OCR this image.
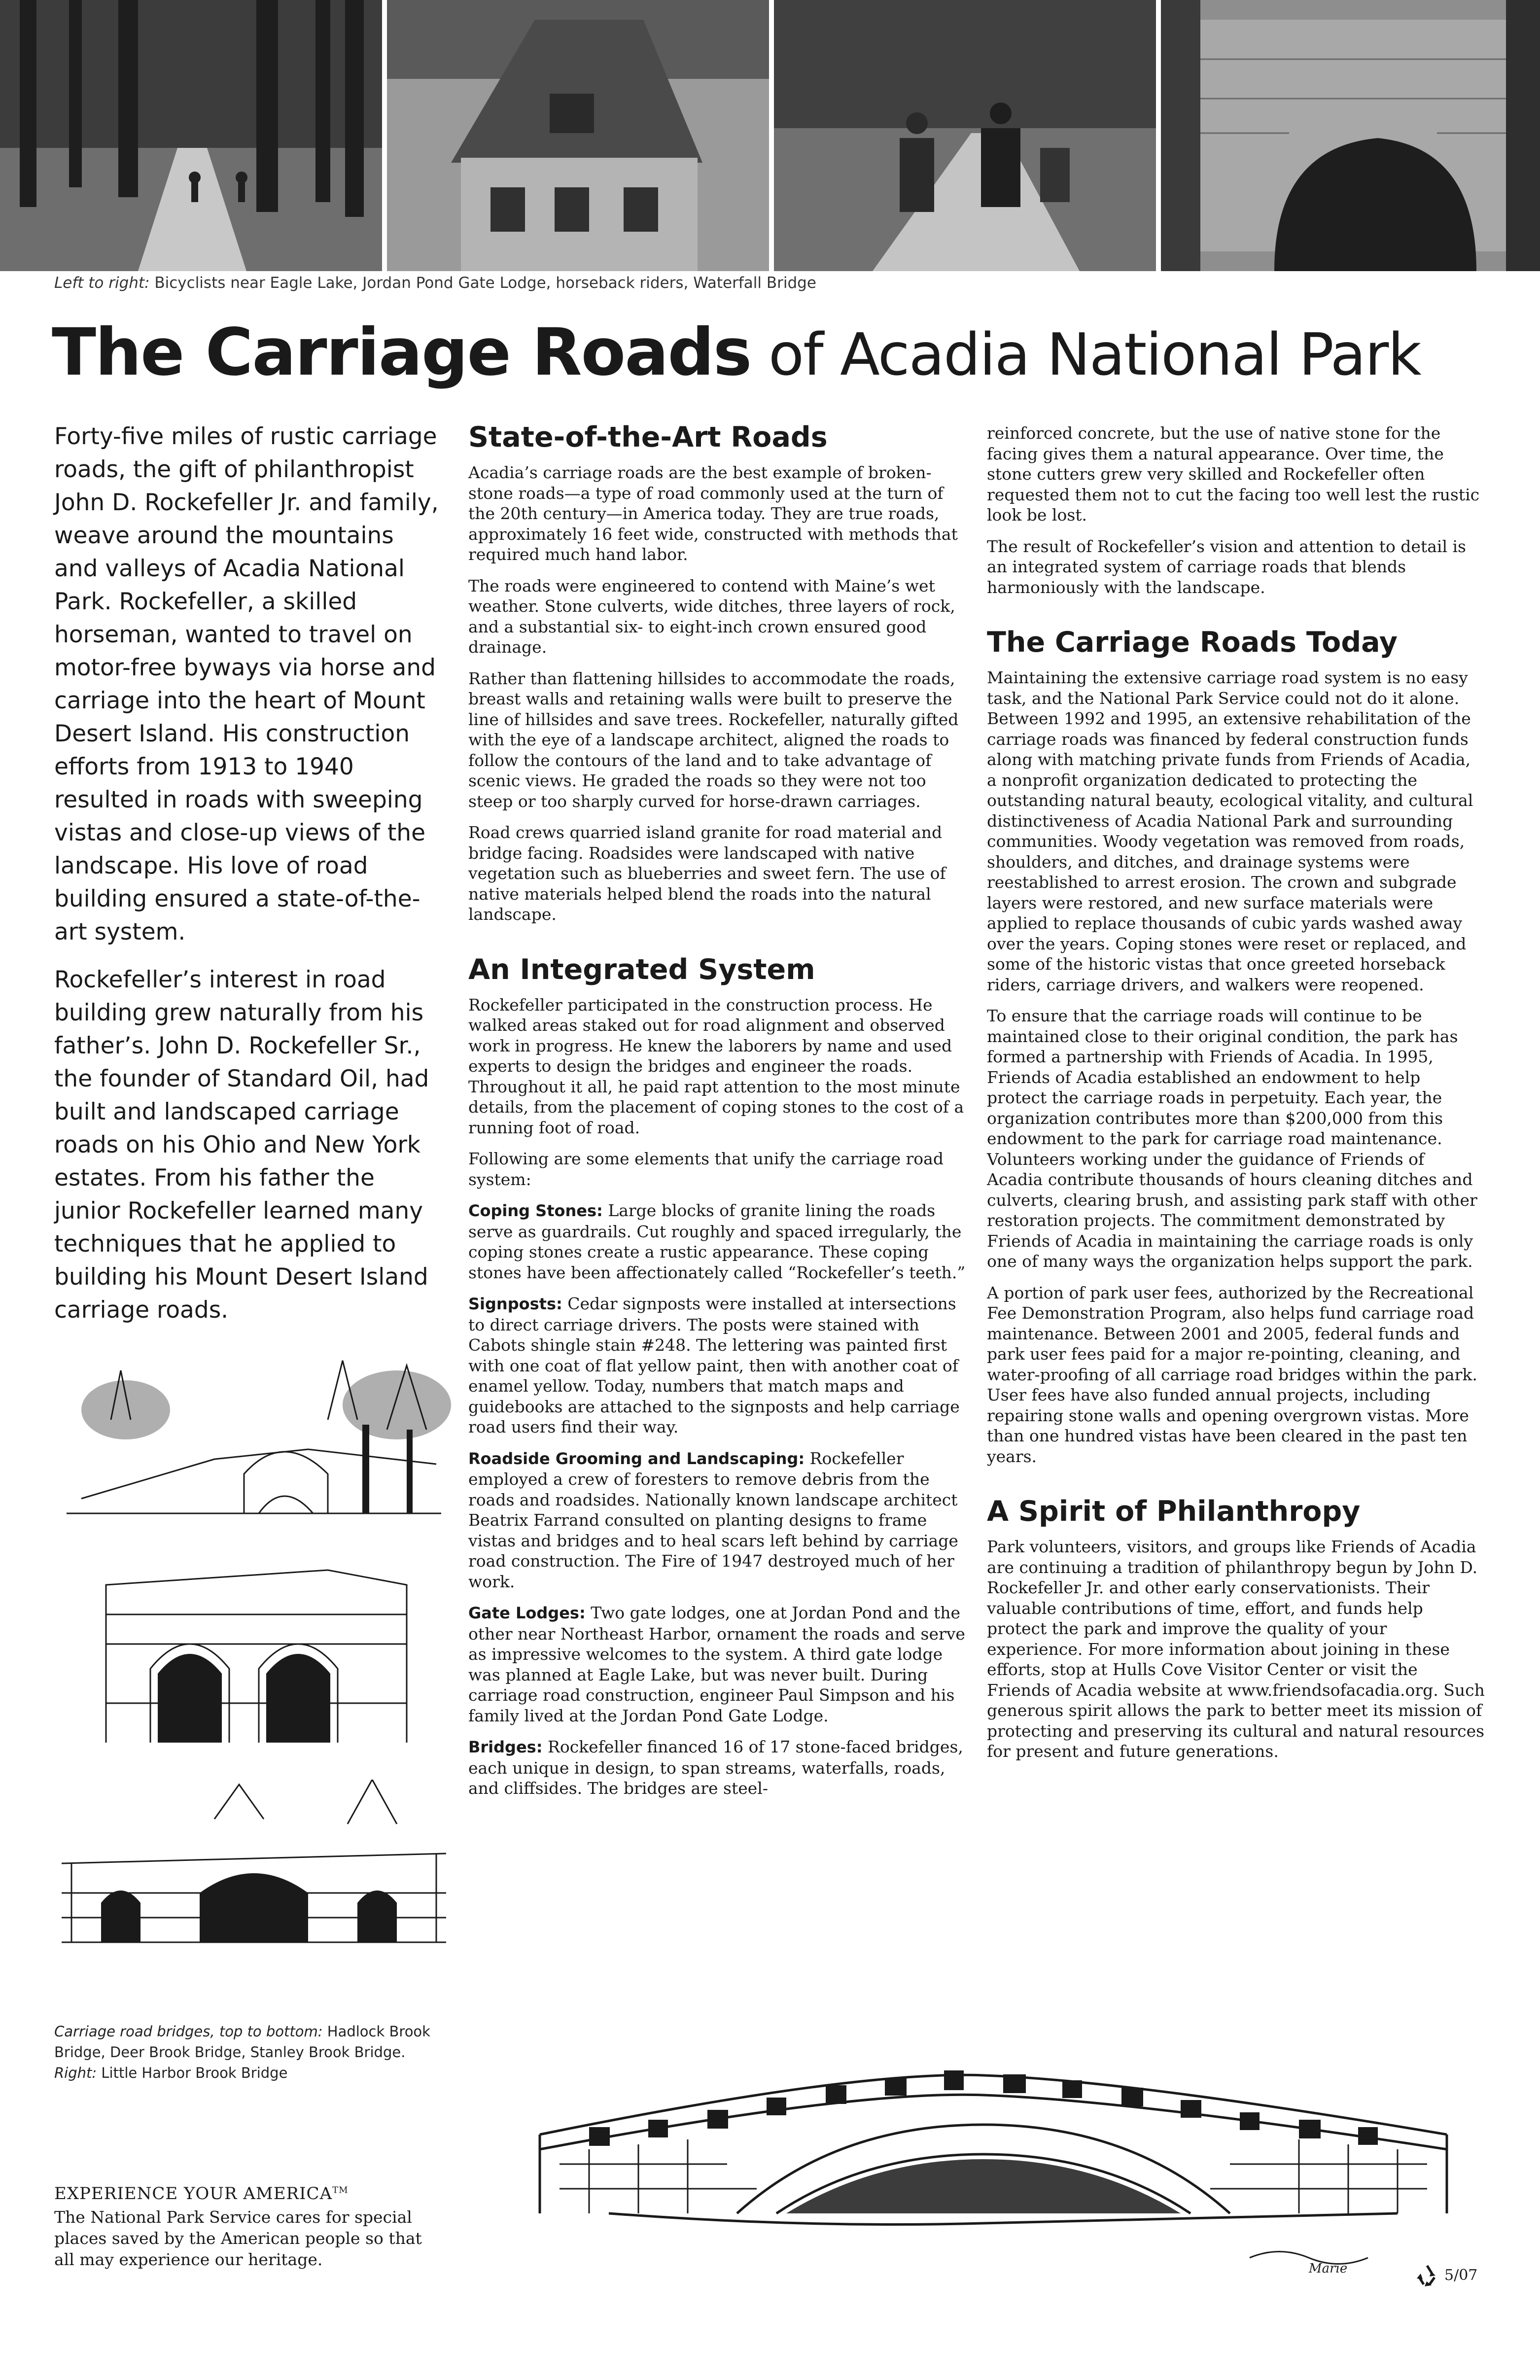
Left to right: Bicyclists near Eagle Lake, Jordan Pond Gate Lodge, horseback riders, Waterfall Bridge
The Carriage Roads of Acadia National Park

Forty-five miles of rustic carriage roads, the gift of philanthropist John D. Rockefeller Jr. and family, weave around the mountains and valleys of Acadia National Park. Rockefeller, a skilled horseman, wanted to travel on motor-free byways via horse and carriage into the heart of Mount Desert Island. His construction efforts from 1913 to 1940 resulted in roads with sweeping vistas and close-up views of the landscape. His love of road building ensured a state-of-the-art system.

Rockefeller’s interest in road building grew naturally from his father’s. John D. Rockefeller Sr., the founder of Standard Oil, had built and landscaped carriage roads on his Ohio and New York estates. From his father the junior Rockefeller learned many techniques that he applied to building his Mount Desert Island carriage roads.

Carriage road bridges, top to bottom: Hadlock Brook Bridge, Deer Brook Bridge, Stanley Brook Bridge. Right: Little Harbor Brook Bridge
State-of-the-Art Roads

Acadia’s carriage roads are the best example of broken-stone roads—a type of road commonly used at the turn of the 20th century—in America today. They are true roads, approximately 16 feet wide, constructed with methods that required much hand labor.

The roads were engineered to contend with Maine’s wet weather. Stone culverts, wide ditches, three layers of rock, and a substantial six- to eight-inch crown ensured good drainage.

Rather than flattening hillsides to accommodate the roads, breast walls and retaining walls were built to preserve the line of hillsides and save trees. Rockefeller, naturally gifted with the eye of a landscape architect, aligned the roads to follow the contours of the land and to take advantage of scenic views. He graded the roads so they were not too steep or too sharply curved for horse-drawn carriages.

Road crews quarried island granite for road material and bridge facing. Roadsides were landscaped with native vegetation such as blueberries and sweet fern. The use of native materials helped blend the roads into the natural landscape.

An Integrated System

Rockefeller participated in the construction process. He walked areas staked out for road alignment and observed work in progress. He knew the laborers by name and used experts to design the bridges and engineer the roads. Throughout it all, he paid rapt attention to the most minute details, from the placement of coping stones to the cost of a running foot of road.

Following are some elements that unify the carriage road system:

Coping Stones: Large blocks of granite lining the roads serve as guardrails. Cut roughly and spaced irregularly, the coping stones create a rustic appearance. These coping stones have been affectionately called “Rockefeller’s teeth.”

Signposts: Cedar signposts were installed at intersections to direct carriage drivers. The posts were stained with Cabots shingle stain #248. The lettering was painted first with one coat of flat yellow paint, then with another coat of enamel yellow. Today, numbers that match maps and guidebooks are attached to the signposts and help carriage road users find their way.

Roadside Grooming and Landscaping: Rockefeller employed a crew of foresters to remove debris from the roads and roadsides. Nationally known landscape architect Beatrix Farrand consulted on planting designs to frame vistas and bridges and to heal scars left behind by carriage road construction. The Fire of 1947 destroyed much of her work.

Gate Lodges: Two gate lodges, one at Jordan Pond and the other near Northeast Harbor, ornament the roads and serve as impressive welcomes to the system. A third gate lodge was planned at Eagle Lake, but was never built. During carriage road construction, engineer Paul Simpson and his family lived at the Jordan Pond Gate Lodge.

Bridges: Rockefeller financed 16 of 17 stone-faced bridges, each unique in design, to span streams, waterfalls, roads, and cliffsides. The bridges are steel-

reinforced concrete, but the use of native stone for the facing gives them a natural appearance. Over time, the stone cutters grew very skilled and Rockefeller often requested them not to cut the facing too well lest the rustic look be lost.

The result of Rockefeller’s vision and attention to detail is an integrated system of carriage roads that blends harmoniously with the landscape.

The Carriage Roads Today

Maintaining the extensive carriage road system is no easy task, and the National Park Service could not do it alone. Between 1992 and 1995, an extensive rehabilitation of the carriage roads was financed by federal construction funds along with matching private funds from Friends of Acadia, a nonprofit organization dedicated to protecting the outstanding natural beauty, ecological vitality, and cultural distinctiveness of Acadia National Park and surrounding communities. Woody vegetation was removed from roads, shoulders, and ditches, and drainage systems were reestablished to arrest erosion. The crown and subgrade layers were restored, and new surface materials were applied to replace thousands of cubic yards washed away over the years. Coping stones were reset or replaced, and some of the historic vistas that once greeted horseback riders, carriage drivers, and walkers were reopened.

To ensure that the carriage roads will continue to be maintained close to their original condition, the park has formed a partnership with Friends of Acadia. In 1995, Friends of Acadia established an endowment to help protect the carriage roads in perpetuity. Each year, the organization contributes more than $200,000 from this endowment to the park for carriage road maintenance. Volunteers working under the guidance of Friends of Acadia contribute thousands of hours cleaning ditches and culverts, clearing brush, and assisting park staff with other restoration projects. The commitment demonstrated by Friends of Acadia in maintaining the carriage roads is only one of many ways the organization helps support the park.

A portion of park user fees, authorized by the Recreational Fee Demonstration Program, also helps fund carriage road maintenance. Between 2001 and 2005, federal funds and park user fees paid for a major re-pointing, cleaning, and water-proofing of all carriage road bridges within the park. User fees have also funded annual projects, including repairing stone walls and opening overgrown vistas. More than one hundred vistas have been cleared in the past ten years.

A Spirit of Philanthropy

Park volunteers, visitors, and groups like Friends of Acadia are continuing a tradition of philanthropy begun by John D. Rockefeller Jr. and other early conservationists. Their valuable contributions of time, effort, and funds help protect the park and improve the quality of your experience. For more information about joining in these efforts, stop at Hulls Cove Visitor Center or visit the Friends of Acadia website at www.friendsofacadia.org. Such generous spirit allows the park to better meet its mission of protecting and preserving its cultural and natural resources for present and future generations.

Marie
EXPERIENCE YOUR AMERICA™
The National Park Service cares for special places saved by the American people so that all may experience our heritage.
5/07
